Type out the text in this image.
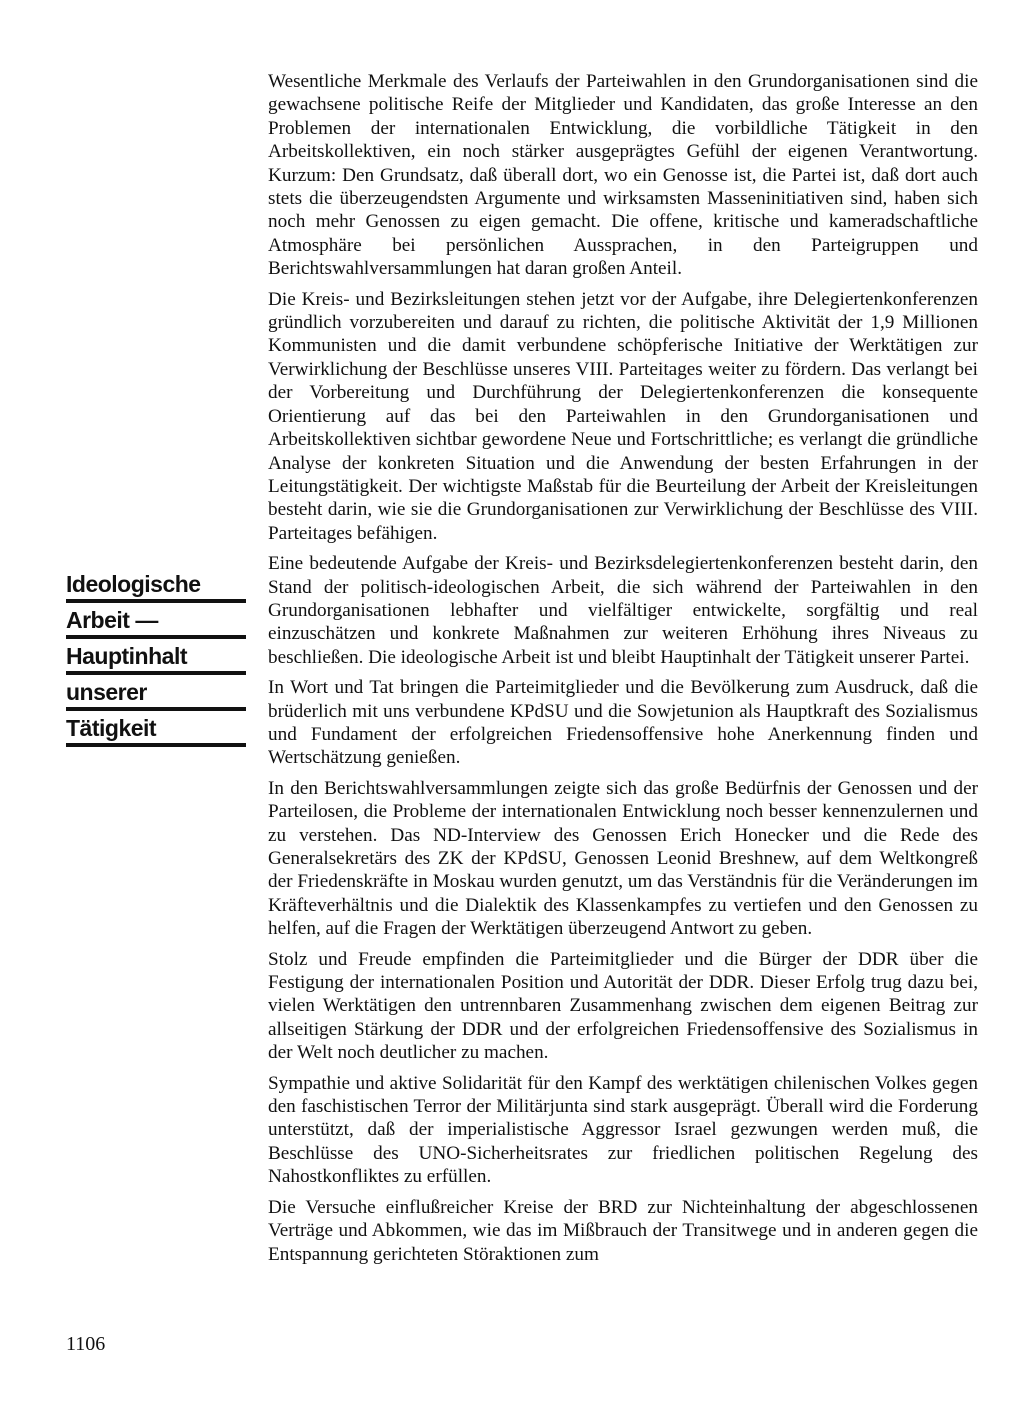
Ideologische
Arbeit —
Hauptinhalt
unserer
Tätigkeit

Wesentliche Merkmale des Verlaufs der Parteiwahlen in den Grundorganisationen sind die gewachsene politische Reife der Mitglieder und Kandidaten, das große Interesse an den Problemen der internationalen Entwicklung, die vorbildliche Tätigkeit in den Arbeitskollektiven, ein noch stärker ausgeprägtes Gefühl der eigenen Verantwortung. Kurzum: Den Grundsatz, daß überall dort, wo ein Genosse ist, die Partei ist, daß dort auch stets die überzeugendsten Argumente und wirksamsten Masseninitiativen sind, haben sich noch mehr Genossen zu eigen gemacht. Die offene, kritische und kameradschaftliche Atmosphäre bei persönlichen Aussprachen, in den Parteigruppen und Berichtswahlversammlungen hat daran großen Anteil.

Die Kreis- und Bezirksleitungen stehen jetzt vor der Aufgabe, ihre Delegiertenkonferenzen gründlich vorzubereiten und darauf zu richten, die politische Aktivität der 1,9 Millionen Kommunisten und die damit verbundene schöpferische Initiative der Werktätigen zur Verwirklichung der Beschlüsse unseres VIII. Parteitages weiter zu fördern. Das verlangt bei der Vorbereitung und Durchführung der Delegiertenkonferenzen die konsequente Orientierung auf das bei den Parteiwahlen in den Grundorganisationen und Arbeitskollektiven sichtbar gewordene Neue und Fortschrittliche; es verlangt die gründliche Analyse der konkreten Situation und die Anwendung der besten Erfahrungen in der Leitungstätigkeit. Der wichtigste Maßstab für die Beurteilung der Arbeit der Kreisleitungen besteht darin, wie sie die Grundorganisationen zur Verwirklichung der Beschlüsse des VIII. Parteitages befähigen.

Eine bedeutende Aufgabe der Kreis- und Bezirksdelegiertenkonferenzen besteht darin, den Stand der politisch-ideologischen Arbeit, die sich während der Parteiwahlen in den Grundorganisationen lebhafter und vielfältiger entwickelte, sorgfältig und real einzuschätzen und konkrete Maßnahmen zur weiteren Erhöhung ihres Niveaus zu beschließen. Die ideologische Arbeit ist und bleibt Hauptinhalt der Tätigkeit unserer Partei.

In Wort und Tat bringen die Parteimitglieder und die Bevölkerung zum Ausdruck, daß die brüderlich mit uns verbundene KPdSU und die Sowjetunion als Hauptkraft des Sozialismus und Fundament der erfolgreichen Friedensoffensive hohe Anerkennung finden und Wertschätzung genießen.

In den Berichtswahlversammlungen zeigte sich das große Bedürfnis der Genossen und der Parteilosen, die Probleme der internationalen Entwicklung noch besser kennenzulernen und zu verstehen. Das ND-Interview des Genossen Erich Honecker und die Rede des Generalsekretärs des ZK der KPdSU, Genossen Leonid Breshnew, auf dem Weltkongreß der Friedenskräfte in Moskau wurden genutzt, um das Verständnis für die Veränderungen im Kräfteverhältnis und die Dialektik des Klassenkampfes zu vertiefen und den Genossen zu helfen, auf die Fragen der Werktätigen überzeugend Antwort zu geben.

Stolz und Freude empfinden die Parteimitglieder und die Bürger der DDR über die Festigung der internationalen Position und Autorität der DDR. Dieser Erfolg trug dazu bei, vielen Werktätigen den untrennbaren Zusammenhang zwischen dem eigenen Beitrag zur allseitigen Stärkung der DDR und der erfolgreichen Friedensoffensive des Sozialismus in der Welt noch deutlicher zu machen.

Sympathie und aktive Solidarität für den Kampf des werktätigen chilenischen Volkes gegen den faschistischen Terror der Militärjunta sind stark ausgeprägt. Überall wird die Forderung unterstützt, daß der imperialistische Aggressor Israel gezwungen werden muß, die Beschlüsse des UNO-Sicherheitsrates zur friedlichen politischen Regelung des Nahostkonfliktes zu erfüllen.

Die Versuche einflußreicher Kreise der BRD zur Nichteinhaltung der abgeschlossenen Verträge und Abkommen, wie das im Mißbrauch der Transitwege und in anderen gegen die Entspannung gerichteten Störaktionen zum

1106
